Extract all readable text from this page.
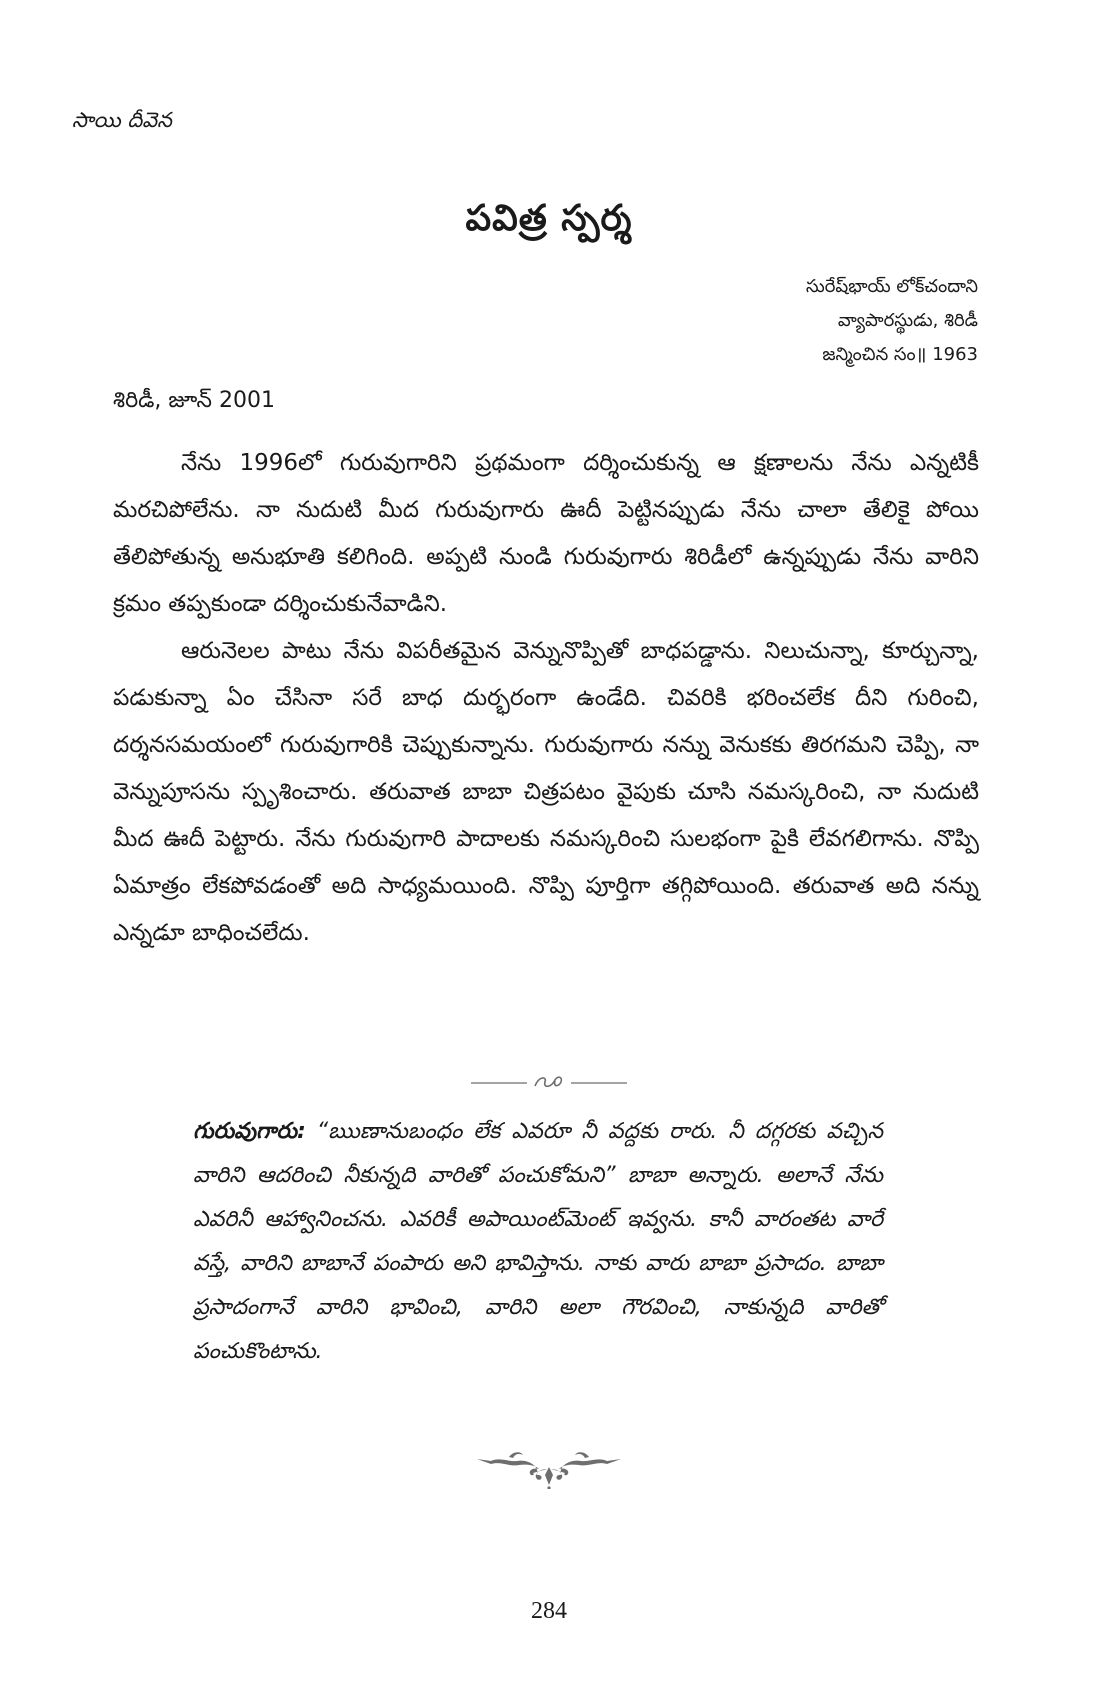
సాయి దీవెన
పవిత్ర స్పర్శ
సురేష్‌భాయ్ లోక్‌చందాని
వ్యాపారస్థుడు, శిరిడీ
జన్మించిన సం॥ 1963
శిరిడీ, జూన్ 2001

నేను 1996లో గురువుగారిని ప్రథమంగా దర్శించుకున్న ఆ క్షణాలను నేను ఎన్నటికీ మరచిపోలేను. నా నుదుటి మీద గురువుగారు ఊదీ పెట్టినప్పుడు నేను చాలా తేలికై పోయి తేలిపోతున్న అనుభూతి కలిగింది. అప్పటి నుండి గురువుగారు శిరిడీలో ఉన్నప్పుడు నేను వారిని క్రమం తప్పకుండా దర్శించుకునేవాడిని.

ఆరునెలల పాటు నేను విపరీతమైన వెన్నునొప్పితో బాధపడ్డాను. నిలుచున్నా, కూర్చున్నా, పడుకున్నా ఏం చేసినా సరే బాధ దుర్భరంగా ఉండేది. చివరికి భరించలేక దీని గురించి, దర్శనసమయంలో గురువుగారికి చెప్పుకున్నాను. గురువుగారు నన్ను వెనుకకు తిరగమని చెప్పి, నా వెన్నుపూసను స్పృశించారు. తరువాత బాబా చిత్రపటం వైపుకు చూసి నమస్కరించి, నా నుదుటి మీద ఊదీ పెట్టారు. నేను గురువుగారి పాదాలకు నమస్కరించి సులభంగా పైకి లేవగలిగాను. నొప్పి ఏమాత్రం లేకపోవడంతో అది సాధ్యమయింది. నొప్పి పూర్తిగా తగ్గిపోయింది. తరువాత అది నన్ను ఎన్నడూ బాధించలేదు.

గురువుగారు: “ఋణానుబంధం లేక ఎవరూ నీ వద్దకు రారు. నీ దగ్గరకు వచ్చిన వారిని ఆదరించి నీకున్నది వారితో పంచుకోమని” బాబా అన్నారు. అలానే నేను ఎవరినీ ఆహ్వానించను. ఎవరికీ అపాయింట్‌మెంట్ ఇవ్వను. కానీ వారంతట వారే వస్తే, వారిని బాబానే పంపారు అని భావిస్తాను. నాకు వారు బాబా ప్రసాదం. బాబా ప్రసాదంగానే వారిని భావించి, వారిని అలా గౌరవించి, నాకున్నది వారితో పంచుకొంటాను.
284
